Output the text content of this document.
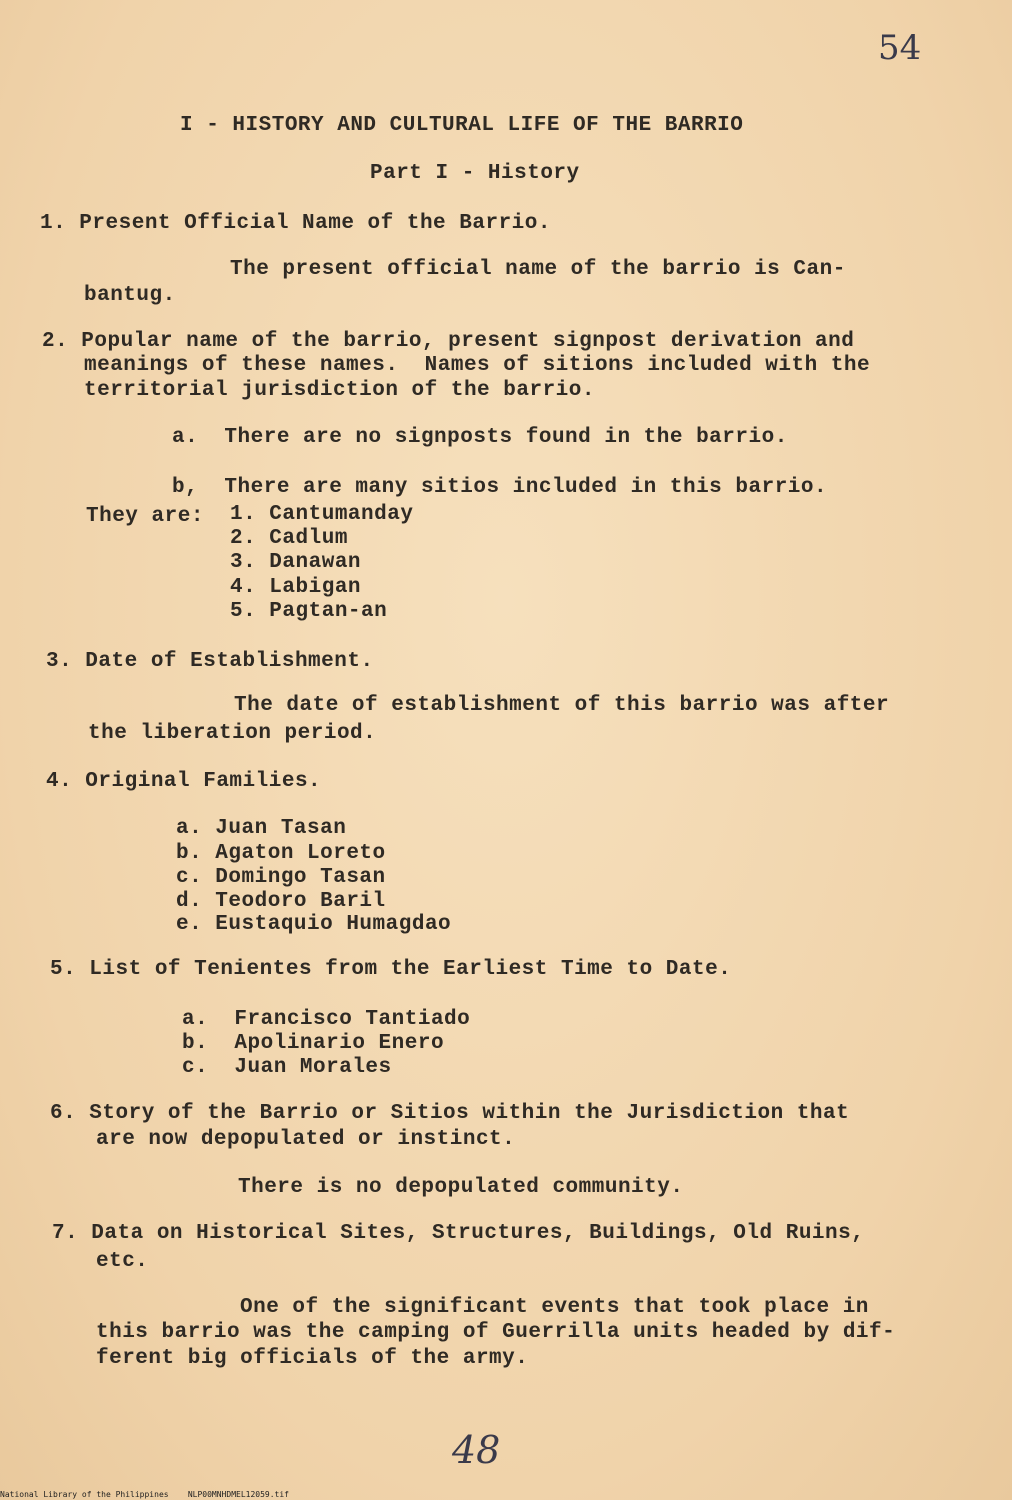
54
I - HISTORY AND CULTURAL LIFE OF THE BARRIO
Part I - History
1. Present Official Name of the Barrio.
The present official name of the barrio is Can-
bantug.
2. Popular name of the barrio, present signpost derivation and
meanings of these names.  Names of sitions included with the
territorial jurisdiction of the barrio.
a.  There are no signposts found in the barrio.
b,  There are many sitios included in this barrio.
They are: 1. Cantumanday
2. Cadlum
3. Danawan
4. Labigan
5. Pagtan-an
3. Date of Establishment.
The date of establishment of this barrio was after
the liberation period.
4. Original Families.
a. Juan Tasan
b. Agaton Loreto
c. Domingo Tasan
d. Teodoro Baril
e. Eustaquio Humagdao
5. List of Tenientes from the Earliest Time to Date.
a.  Francisco Tantiado
b.  Apolinario Enero
c.  Juan Morales
6. Story of the Barrio or Sitios within the Jurisdiction that
are now depopulated or instinct.
There is no depopulated community.
7. Data on Historical Sites, Structures, Buildings, Old Ruins,
etc.
One of the significant events that took place in
this barrio was the camping of Guerrilla units headed by dif-
ferent big officials of the army.
48
National Library of the Philippines    NLP00MNHDMEL12059.tif
